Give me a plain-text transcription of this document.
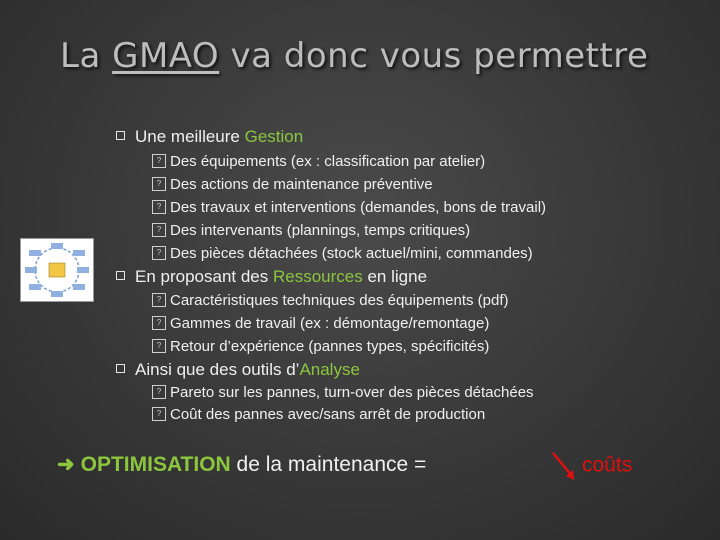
La GMAO va donc vous permettre
Une meilleure Gestion
? Des équipements (ex : classification par atelier)
? Des actions de maintenance préventive
? Des travaux et interventions (demandes, bons de travail)
? Des intervenants (plannings, temps critiques)
? Des pièces détachées (stock actuel/mini, commandes)
En proposant des Ressources en ligne
? Caractéristiques techniques des équipements (pdf)
? Gammes de travail (ex : démontage/remontage)
? Retour d’expérience (pannes types, spécificités)
Ainsi que des outils d’Analyse
? Pareto sur les pannes, turn-over des pièces détachées
? Coût des pannes avec/sans arrêt de production
➜ OPTIMISATION de la maintenance =	coûts
